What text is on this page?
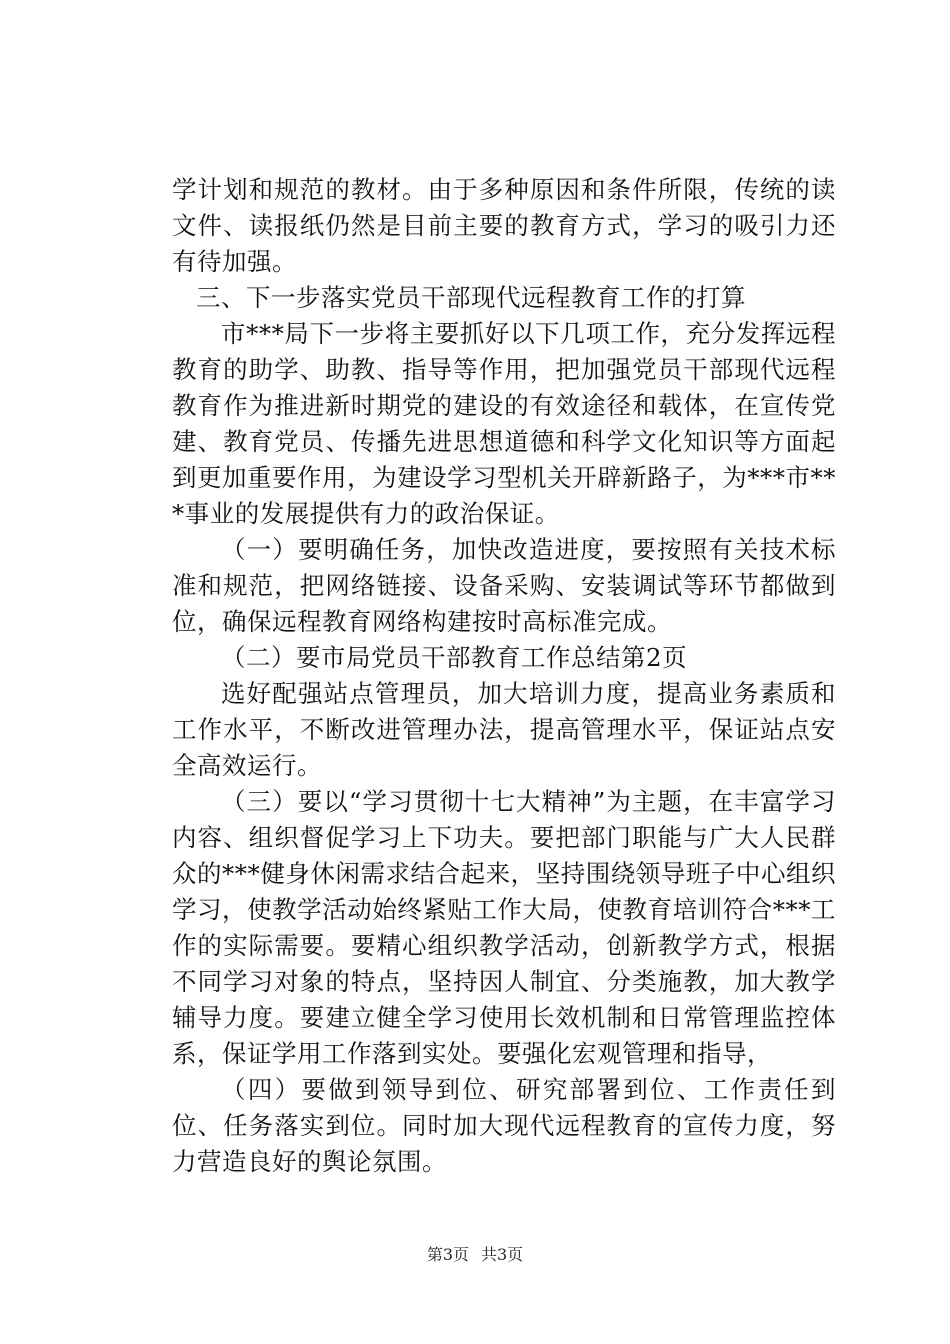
学计划和规范的教材。由于多种原因和条件所限，传统的读文件、读报纸仍然是目前主要的教育方式，学习的吸引力还有待加强。

三、下一步落实党员干部现代远程教育工作的打算

市***局下一步将主要抓好以下几项工作，充分发挥远程教育的助学、助教、指导等作用，把加强党员干部现代远程教育作为推进新时期党的建设的有效途径和载体，在宣传党建、教育党员、传播先进思想道德和科学文化知识等方面起到更加重要作用，为建设学习型机关开辟新路子，为***市***事业的发展提供有力的政治保证。

（一）要明确任务，加快改造进度，要按照有关技术标准和规范，把网络链接、设备采购、安装调试等环节都做到位，确保远程教育网络构建按时高标准完成。

（二）要市局党员干部教育工作总结第2页

选好配强站点管理员，加大培训力度，提高业务素质和工作水平，不断改进管理办法，提高管理水平，保证站点安全高效运行。

（三）要以“学习贯彻十七大精神”为主题，在丰富学习内容、组织督促学习上下功夫。要把部门职能与广大人民群众的***健身休闲需求结合起来，坚持围绕领导班子中心组织学习，使教学活动始终紧贴工作大局，使教育培训符合***工作的实际需要。要精心组织教学活动，创新教学方式，根据不同学习对象的特点，坚持因人制宜、分类施教，加大教学辅导力度。要建立健全学习使用长效机制和日常管理监控体系，保证学用工作落到实处。要强化宏观管理和指导，

（四）要做到领导到位、研究部署到位、工作责任到位、任务落实到位。同时加大现代远程教育的宣传力度，努力营造良好的舆论氛围。

第3页 共3页
